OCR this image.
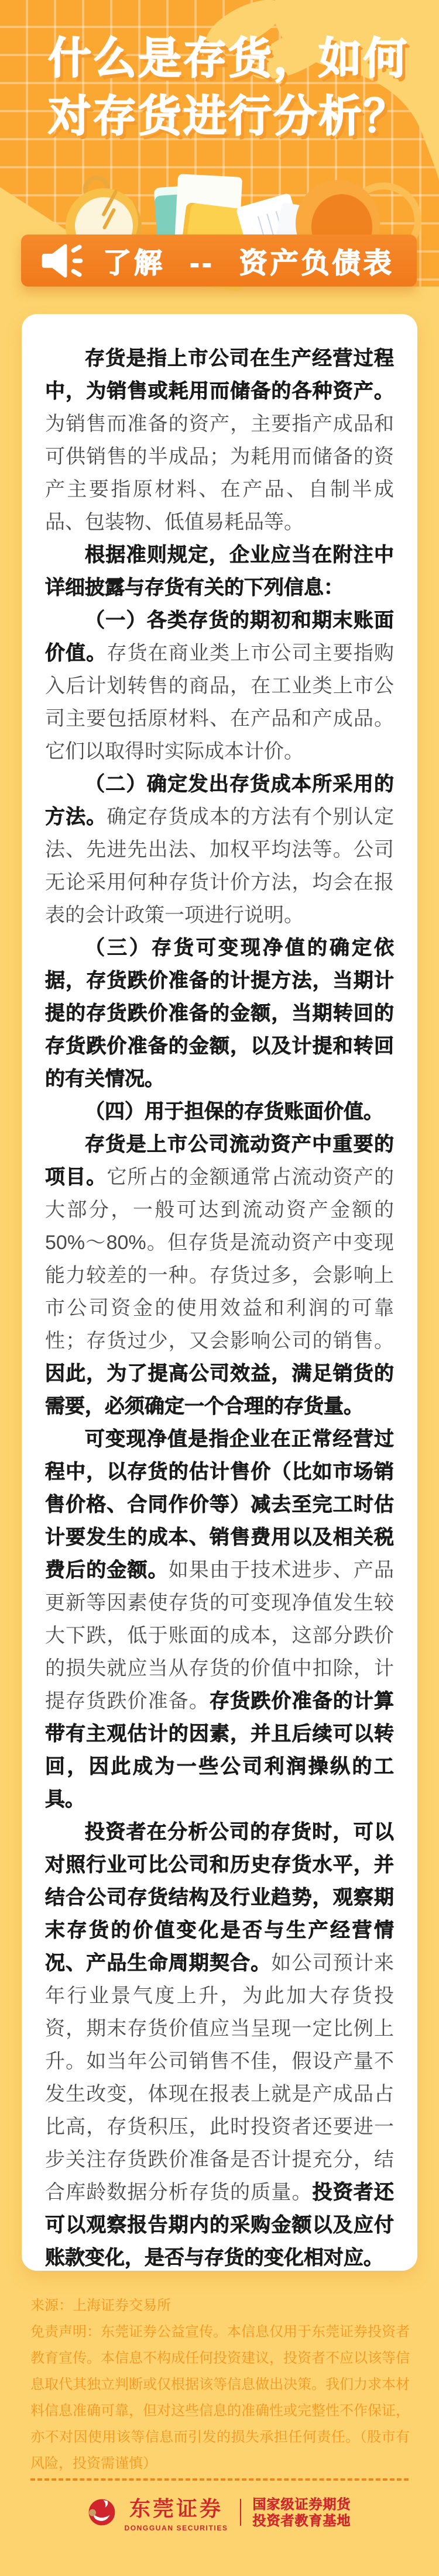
什么是存货，如何
对存货进行分析？
了解 -- 资产负债表

存货是指上市公司在生产经营过程中，为销售或耗用而储备的各种资产。为销售而准备的资产，主要指产成品和可供销售的半成品；为耗用而储备的资产主要指原材料、在产品、自制半成品、包装物、低值易耗品等。

根据准则规定，企业应当在附注中详细披露与存货有关的下列信息：

（一）各类存货的期初和期末账面价值。存货在商业类上市公司主要指购入后计划转售的商品，在工业类上市公司主要包括原材料、在产品和产成品。它们以取得时实际成本计价。

（二）确定发出存货成本所采用的方法。确定存货成本的方法有个别认定法、先进先出法、加权平均法等。公司无论采用何种存货计价方法，均会在报表的会计政策一项进行说明。

（三）存货可变现净值的确定依据，存货跌价准备的计提方法，当期计提的存货跌价准备的金额，当期转回的存货跌价准备的金额，以及计提和转回的有关情况。

（四）用于担保的存货账面价值。

存货是上市公司流动资产中重要的项目。它所占的金额通常占流动资产的大部分，一般可达到流动资产金额的50%～80%。但存货是流动资产中变现能力较差的一种。存货过多，会影响上市公司资金的使用效益和利润的可靠性；存货过少，又会影响公司的销售。因此，为了提高公司效益，满足销货的需要，必须确定一个合理的存货量。

可变现净值是指企业在正常经营过程中，以存货的估计售价（比如市场销售价格、合同作价等）减去至完工时估计要发生的成本、销售费用以及相关税费后的金额。如果由于技术进步、产品更新等因素使存货的可变现净值发生较大下跌，低于账面的成本，这部分跌价的损失就应当从存货的价值中扣除，计提存货跌价准备。存货跌价准备的计算带有主观估计的因素，并且后续可以转回，因此成为一些公司利润操纵的工具。

投资者在分析公司的存货时，可以对照行业可比公司和历史存货水平，并结合公司存货结构及行业趋势，观察期末存货的价值变化是否与生产经营情况、产品生命周期契合。如公司预计来年行业景气度上升，为此加大存货投资，期末存货价值应当呈现一定比例上升。如当年公司销售不佳，假设产量不发生改变，体现在报表上就是产成品占比高，存货积压，此时投资者还要进一步关注存货跌价准备是否计提充分，结合库龄数据分析存货的质量。投资者还可以观察报告期内的采购金额以及应付账款变化，是否与存货的变化相对应。

来源：上海证券交易所
免责声明：东莞证券公益宣传。本信息仅用于东莞证券投资者教育宣传。本信息不构成任何投资建议，投资者不应以该等信息取代其独立判断或仅根据该等信息做出决策。我们力求本材料信息准确可靠，但对这些信息的准确性或完整性不作保证，亦不对因使用该等信息而引发的损失承担任何责任。（股市有风险，投资需谨慎）
东莞证券
DONGGUAN SECURITIES
国家级证券期货
投资者教育基地
